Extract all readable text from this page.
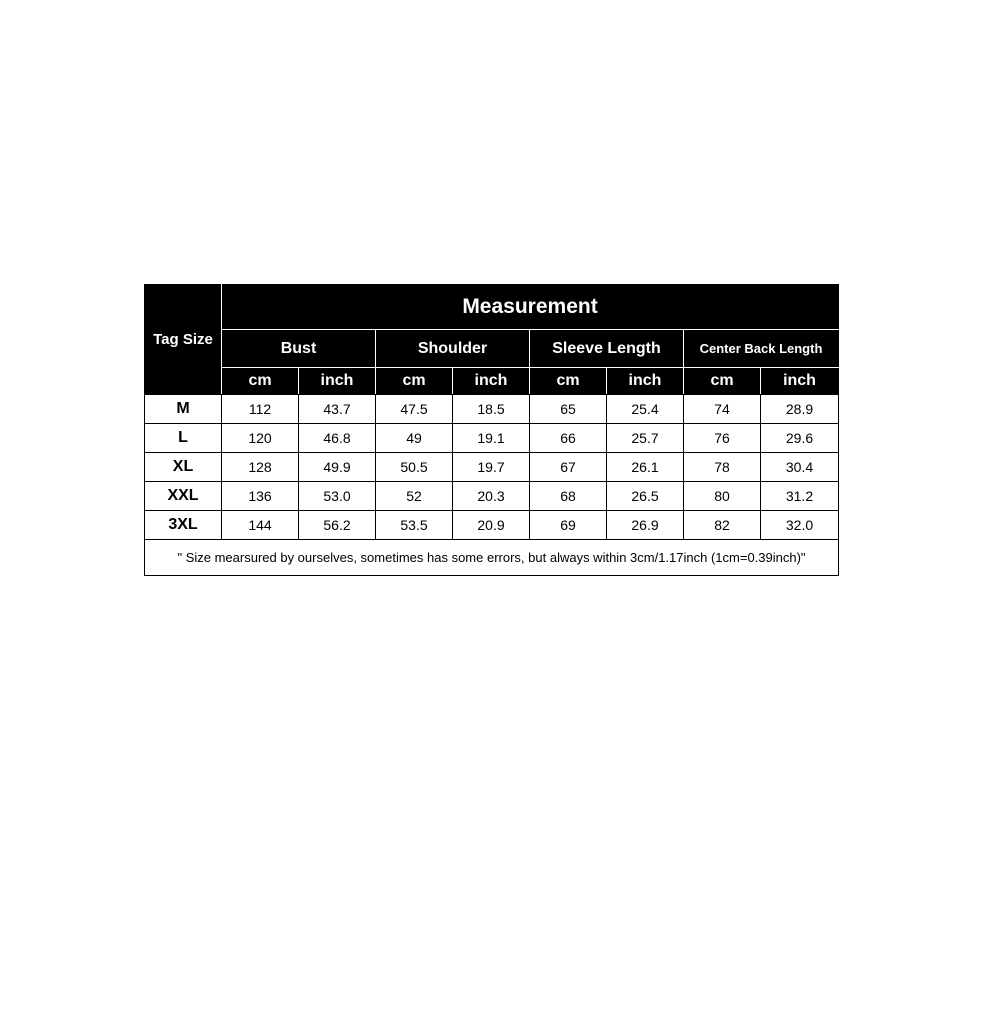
Tag Size	Measurement							
	Bust		Shoulder		Sleeve Length		Center Back Length	
	cm	inch	cm	inch	cm	inch	cm	inch
M	112	43.7	47.5	18.5	65	25.4	74	28.9
L	120	46.8	49	19.1	66	25.7	76	29.6
XL	128	49.9	50.5	19.7	67	26.1	78	30.4
XXL	136	53.0	52	20.3	68	26.5	80	31.2
3XL	144	56.2	53.5	20.9	69	26.9	82	32.0
" Size mearsured by ourselves, sometimes has some errors, but always within 3cm/1.17inch (1cm=0.39inch)"								
